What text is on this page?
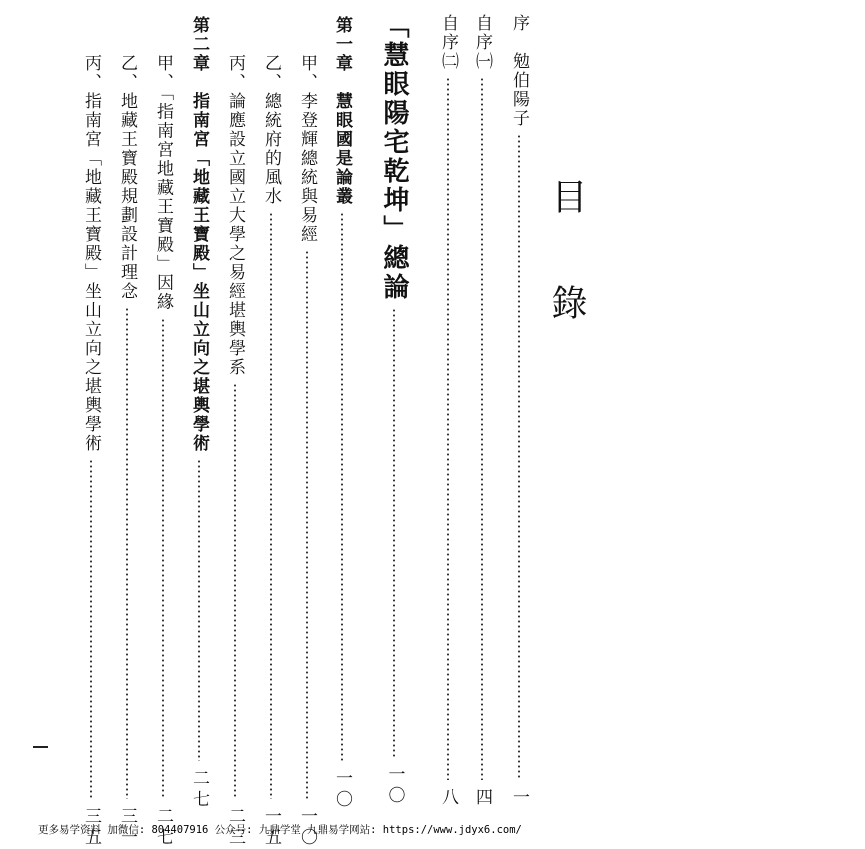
目錄
序　勉伯陽子
一
自序㈠
四
自序㈡
八
「慧眼陽宅乾坤」總論
一〇
第一章　慧眼國是論叢
一〇
甲、李登輝總統與易經
一〇
乙、總統府的風水
一五
丙、論應設立國立大學之易經堪輿學系
二三
第二章　指南宮「地藏王寶殿」坐山立向之堪輿學術
二七
甲、「指南宮地藏王寶殿」因緣
二七
乙、地藏王寶殿規劃設計理念
三一
丙、指南宮「地藏王寶殿」坐山立向之堪輿學術
三五
更多易学资料 加微信: 804407916 公众号: 九鼎学堂 九鼎易学网站: https://www.jdyx6.com/
